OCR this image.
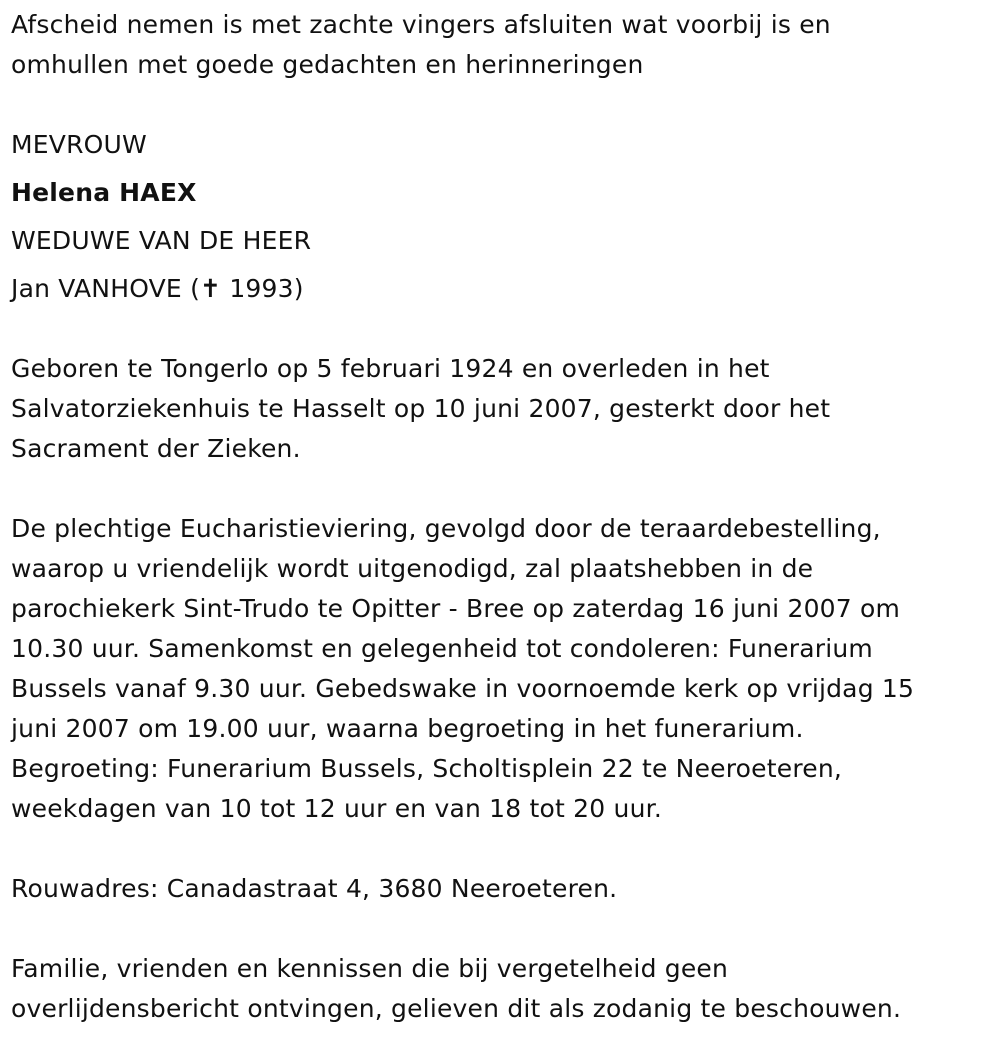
Afscheid nemen is met zachte vingers afsluiten wat voorbij is en
omhullen met goede gedachten en herinneringen
MEVROUW
Helena HAEX
WEDUWE VAN DE HEER
Jan VANHOVE (✝ 1993)
Geboren te Tongerlo op 5 februari 1924 en overleden in het
Salvatorziekenhuis te Hasselt op 10 juni 2007, gesterkt door het
Sacrament der Zieken.
De plechtige Eucharistieviering, gevolgd door de teraardebestelling,
waarop u vriendelijk wordt uitgenodigd, zal plaatshebben in de
parochiekerk Sint-Trudo te Opitter - Bree op zaterdag 16 juni 2007 om
10.30 uur. Samenkomst en gelegenheid tot condoleren: Funerarium
Bussels vanaf 9.30 uur. Gebedswake in voornoemde kerk op vrijdag 15
juni 2007 om 19.00 uur, waarna begroeting in het funerarium.
Begroeting: Funerarium Bussels, Scholtisplein 22 te Neeroeteren,
weekdagen van 10 tot 12 uur en van 18 tot 20 uur.
Rouwadres: Canadastraat 4, 3680 Neeroeteren.
Familie, vrienden en kennissen die bij vergetelheid geen
overlijdensbericht ontvingen, gelieven dit als zodanig te beschouwen.
